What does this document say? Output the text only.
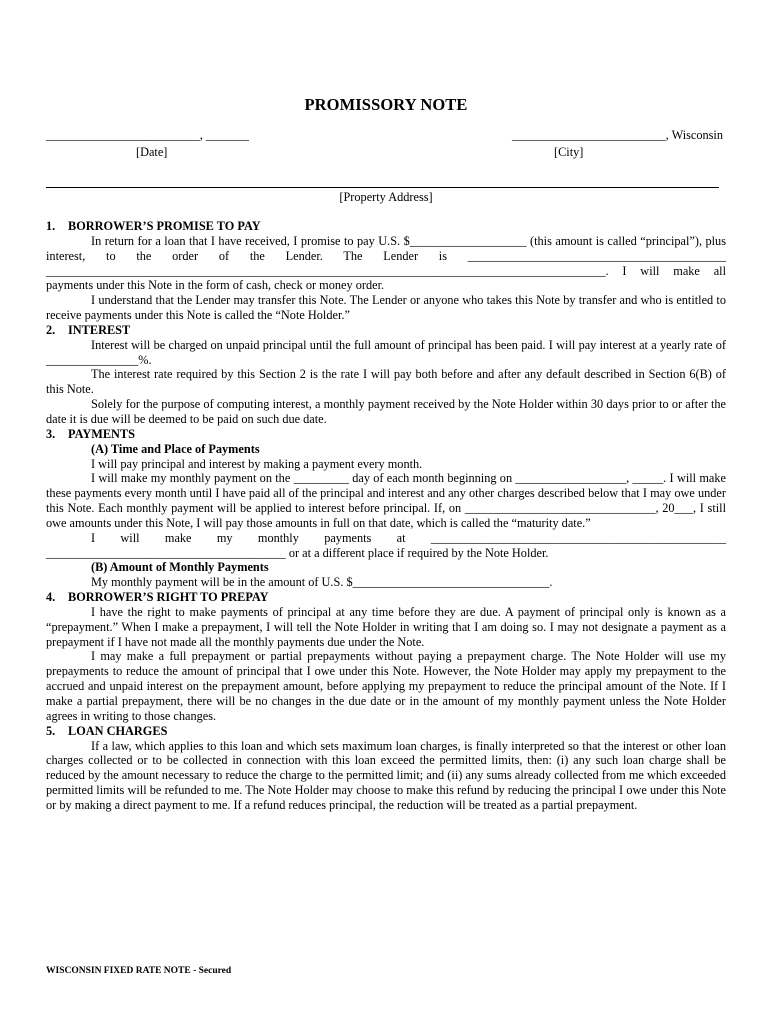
PROMISSORY NOTE
_________________________, _______	_________________________, Wisconsin
[Date]	[City]
[Property Address]

1. BORROWER’S PROMISE TO PAY

In return for a loan that I have received, I promise to pay U.S. $___________________ (this amount is called “principal”), plus interest, to the order of the Lender. The Lender is __________________________________________ ___________________________________________________________________________________________. I will make all payments under this Note in the form of cash, check or money order.

I understand that the Lender may transfer this Note. The Lender or anyone who takes this Note by transfer and who is entitled to receive payments under this Note is called the “Note Holder.”

2. INTEREST

Interest will be charged on unpaid principal until the full amount of principal has been paid. I will pay interest at a yearly rate of _______________%.

The interest rate required by this Section 2 is the rate I will pay both before and after any default described in Section 6(B) of this Note.

Solely for the purpose of computing interest, a monthly payment received by the Note Holder within 30 days prior to or after the date it is due will be deemed to be paid on such due date.

3. PAYMENTS

(A) Time and Place of Payments

I will pay principal and interest by making a payment every month.

I will make my monthly payment on the _________ day of each month beginning on __________________, _____. I will make these payments every month until I have paid all of the principal and interest and any other charges described below that I may owe under this Note. Each monthly payment will be applied to interest before principal. If, on _______________________________, 20___, I still owe amounts under this Note, I will pay those amounts in full on that date, which is called the “maturity date.”

I will make my monthly payments at ________________________________________________ _______________________________________ or at a different place if required by the Note Holder.

(B) Amount of Monthly Payments

My monthly payment will be in the amount of U.S. $________________________________.

4. BORROWER’S RIGHT TO PREPAY

I have the right to make payments of principal at any time before they are due. A payment of principal only is known as a “prepayment.” When I make a prepayment, I will tell the Note Holder in writing that I am doing so. I may not designate a payment as a prepayment if I have not made all the monthly payments due under the Note.

I may make a full prepayment or partial prepayments without paying a prepayment charge. The Note Holder will use my prepayments to reduce the amount of principal that I owe under this Note. However, the Note Holder may apply my prepayment to the accrued and unpaid interest on the prepayment amount, before applying my prepayment to reduce the principal amount of the Note. If I make a partial prepayment, there will be no changes in the due date or in the amount of my monthly payment unless the Note Holder agrees in writing to those changes.

5. LOAN CHARGES

If a law, which applies to this loan and which sets maximum loan charges, is finally interpreted so that the interest or other loan charges collected or to be collected in connection with this loan exceed the permitted limits, then: (i) any such loan charge shall be reduced by the amount necessary to reduce the charge to the permitted limit; and (ii) any sums already collected from me which exceeded permitted limits will be refunded to me. The Note Holder may choose to make this refund by reducing the principal I owe under this Note or by making a direct payment to me. If a refund reduces principal, the reduction will be treated as a partial prepayment.

WISCONSIN FIXED RATE NOTE - Secured
